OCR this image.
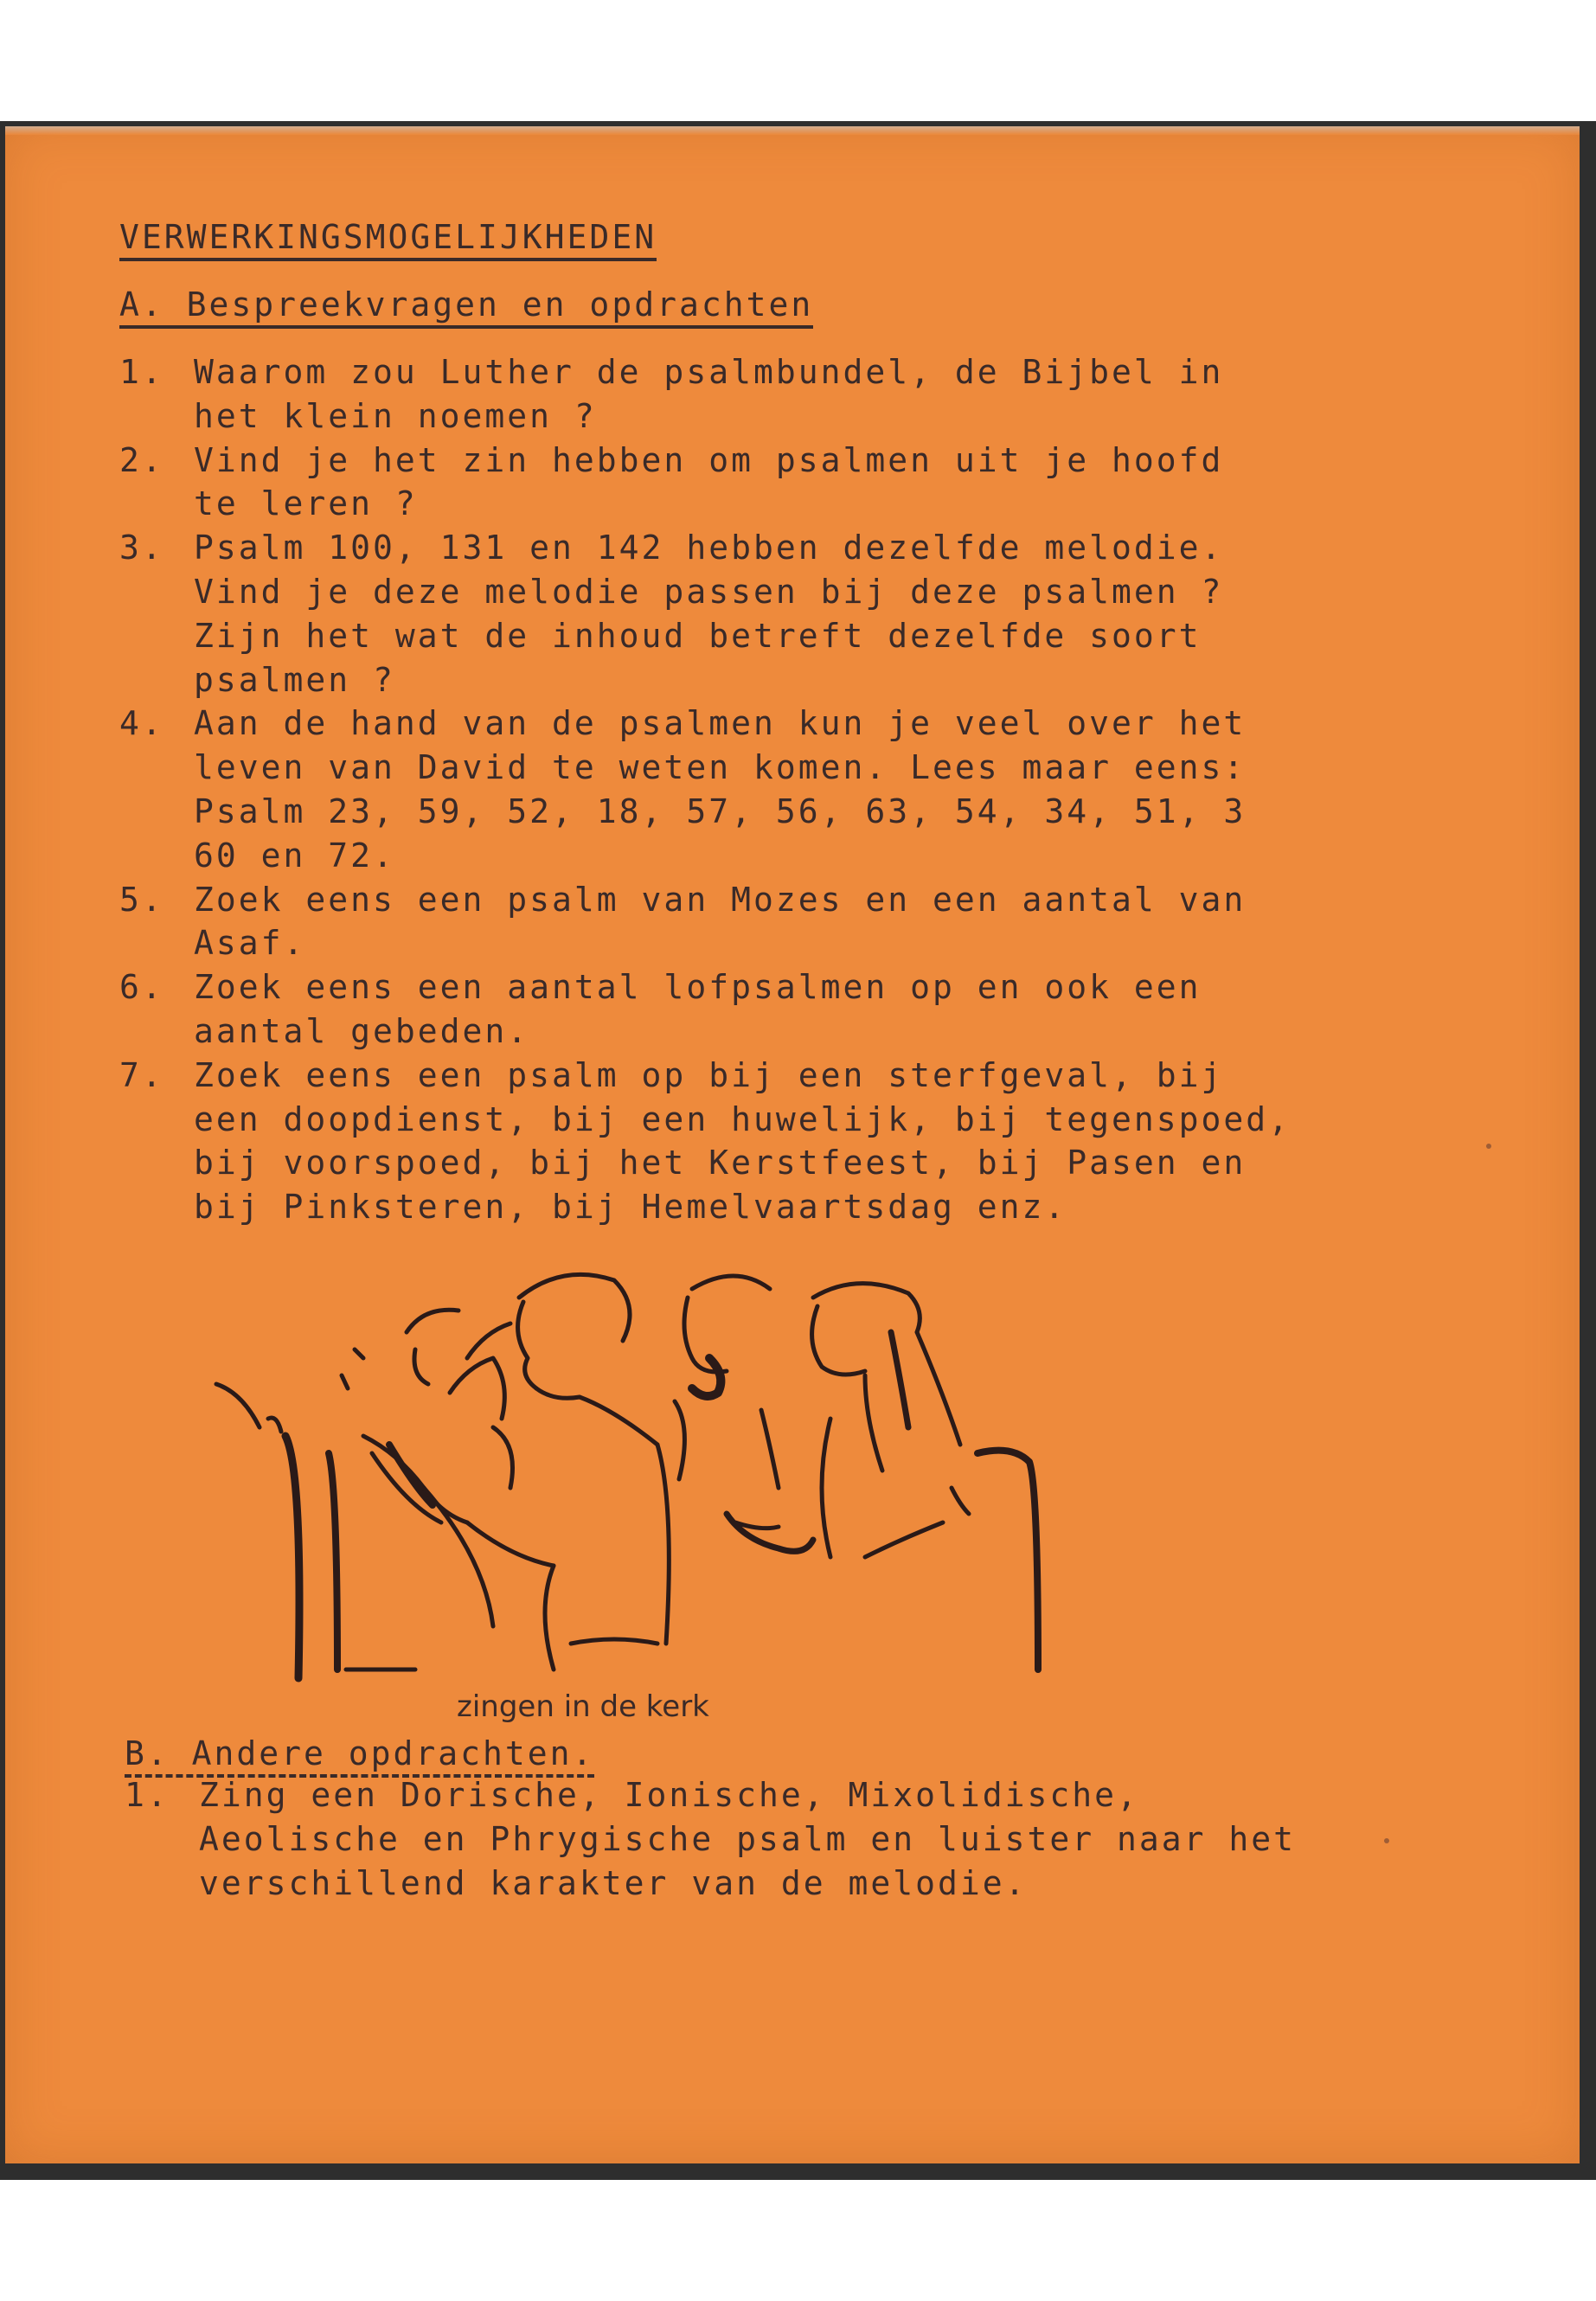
VERWERKINGSMOGELIJKHEDEN
A. Bespreekvragen en opdrachten
1. Waarom zou Luther de psalmbundel, de Bijbel in
het klein noemen ?
2. Vind je het zin hebben om psalmen uit je hoofd
te leren ?
3. Psalm 100, 131 en 142 hebben dezelfde melodie.
Vind je deze melodie passen bij deze psalmen ?
Zijn het wat de inhoud betreft dezelfde soort
psalmen ?
4. Aan de hand van de psalmen kun je veel over het
leven van David te weten komen. Lees maar eens:
Psalm 23, 59, 52, 18, 57, 56, 63, 54, 34, 51, 3
60 en 72.
5. Zoek eens een psalm van Mozes en een aantal van
Asaf.
6. Zoek eens een aantal lofpsalmen op en ook een
aantal gebeden.
7. Zoek eens een psalm op bij een sterfgeval, bij
een doopdienst, bij een huwelijk, bij tegenspoed,
bij voorspoed, bij het Kerstfeest, bij Pasen en
bij Pinksteren, bij Hemelvaartsdag enz.
zingen in de kerk
B. Andere opdrachten.
1. Zing een Dorische, Ionische, Mixolidische,
Aeolische en Phrygische psalm en luister naar het
verschillend karakter van de melodie.
